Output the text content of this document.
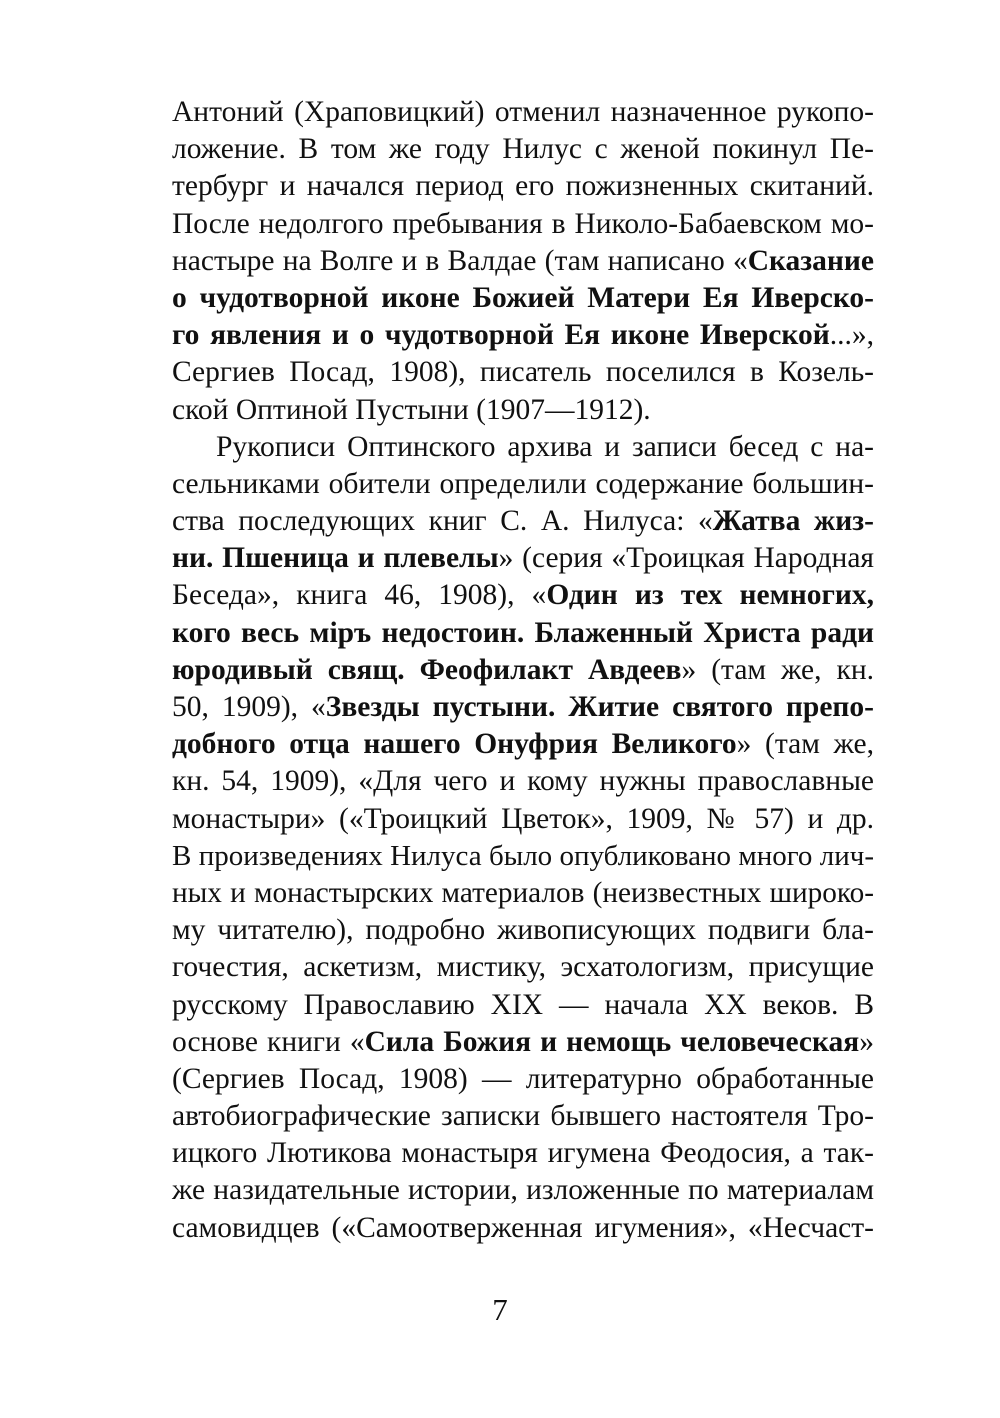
Антоний (Храповицкий) отменил назначенное рукопо-
ложение. В том же году Нилус с женой покинул Пе-
тербург и начался период его пожизненных скитаний.
После недолгого пребывания в Николо-Бабаевском мо-
настыре на Волге и в Валдае (там написано «Сказание
о чудотворной иконе Божией Матери Ея Иверско-
го явления и о чудотворной Ея иконе Иверской...»,
Сергиев Посад, 1908), писатель поселился в Козель-
ской Оптиной Пустыни (1907—1912).
Рукописи Оптинского архива и записи бесед с на-
сельниками обители определили содержание большин-
ства последующих книг С. А. Нилуса: «Жатва жиз-
ни. Пшеница и плевелы» (серия «Троицкая Народная
Беседа», книга 46, 1908), «Один из тех немногих,
кого весь міръ недостоин. Блаженный Христа ради
юродивый свящ. Феофилакт Авдеев» (там же, кн.
50, 1909), «Звезды пустыни. Житие святого препо-
добного отца нашего Онуфрия Великого» (там же,
кн. 54, 1909), «Для чего и кому нужны православные
монастыри» («Троицкий Цветок», 1909, № 57) и др.
В произведениях Нилуса было опубликовано много лич-
ных и монастырских материалов (неизвестных широко-
му читателю), подробно живописующих подвиги бла-
гочестия, аскетизм, мистику, эсхатологизм, присущие
русскому Православию XIX — начала XX веков. В
основе книги «Сила Божия и немощь человеческая»
(Сергиев Посад, 1908) — литературно обработанные
автобиографические записки бывшего настоятеля Тро-
ицкого Лютикова монастыря игумена Феодосия, а так-
же назидательные истории, изложенные по материалам
самовидцев («Самоотверженная игумения», «Несчаст-
7
